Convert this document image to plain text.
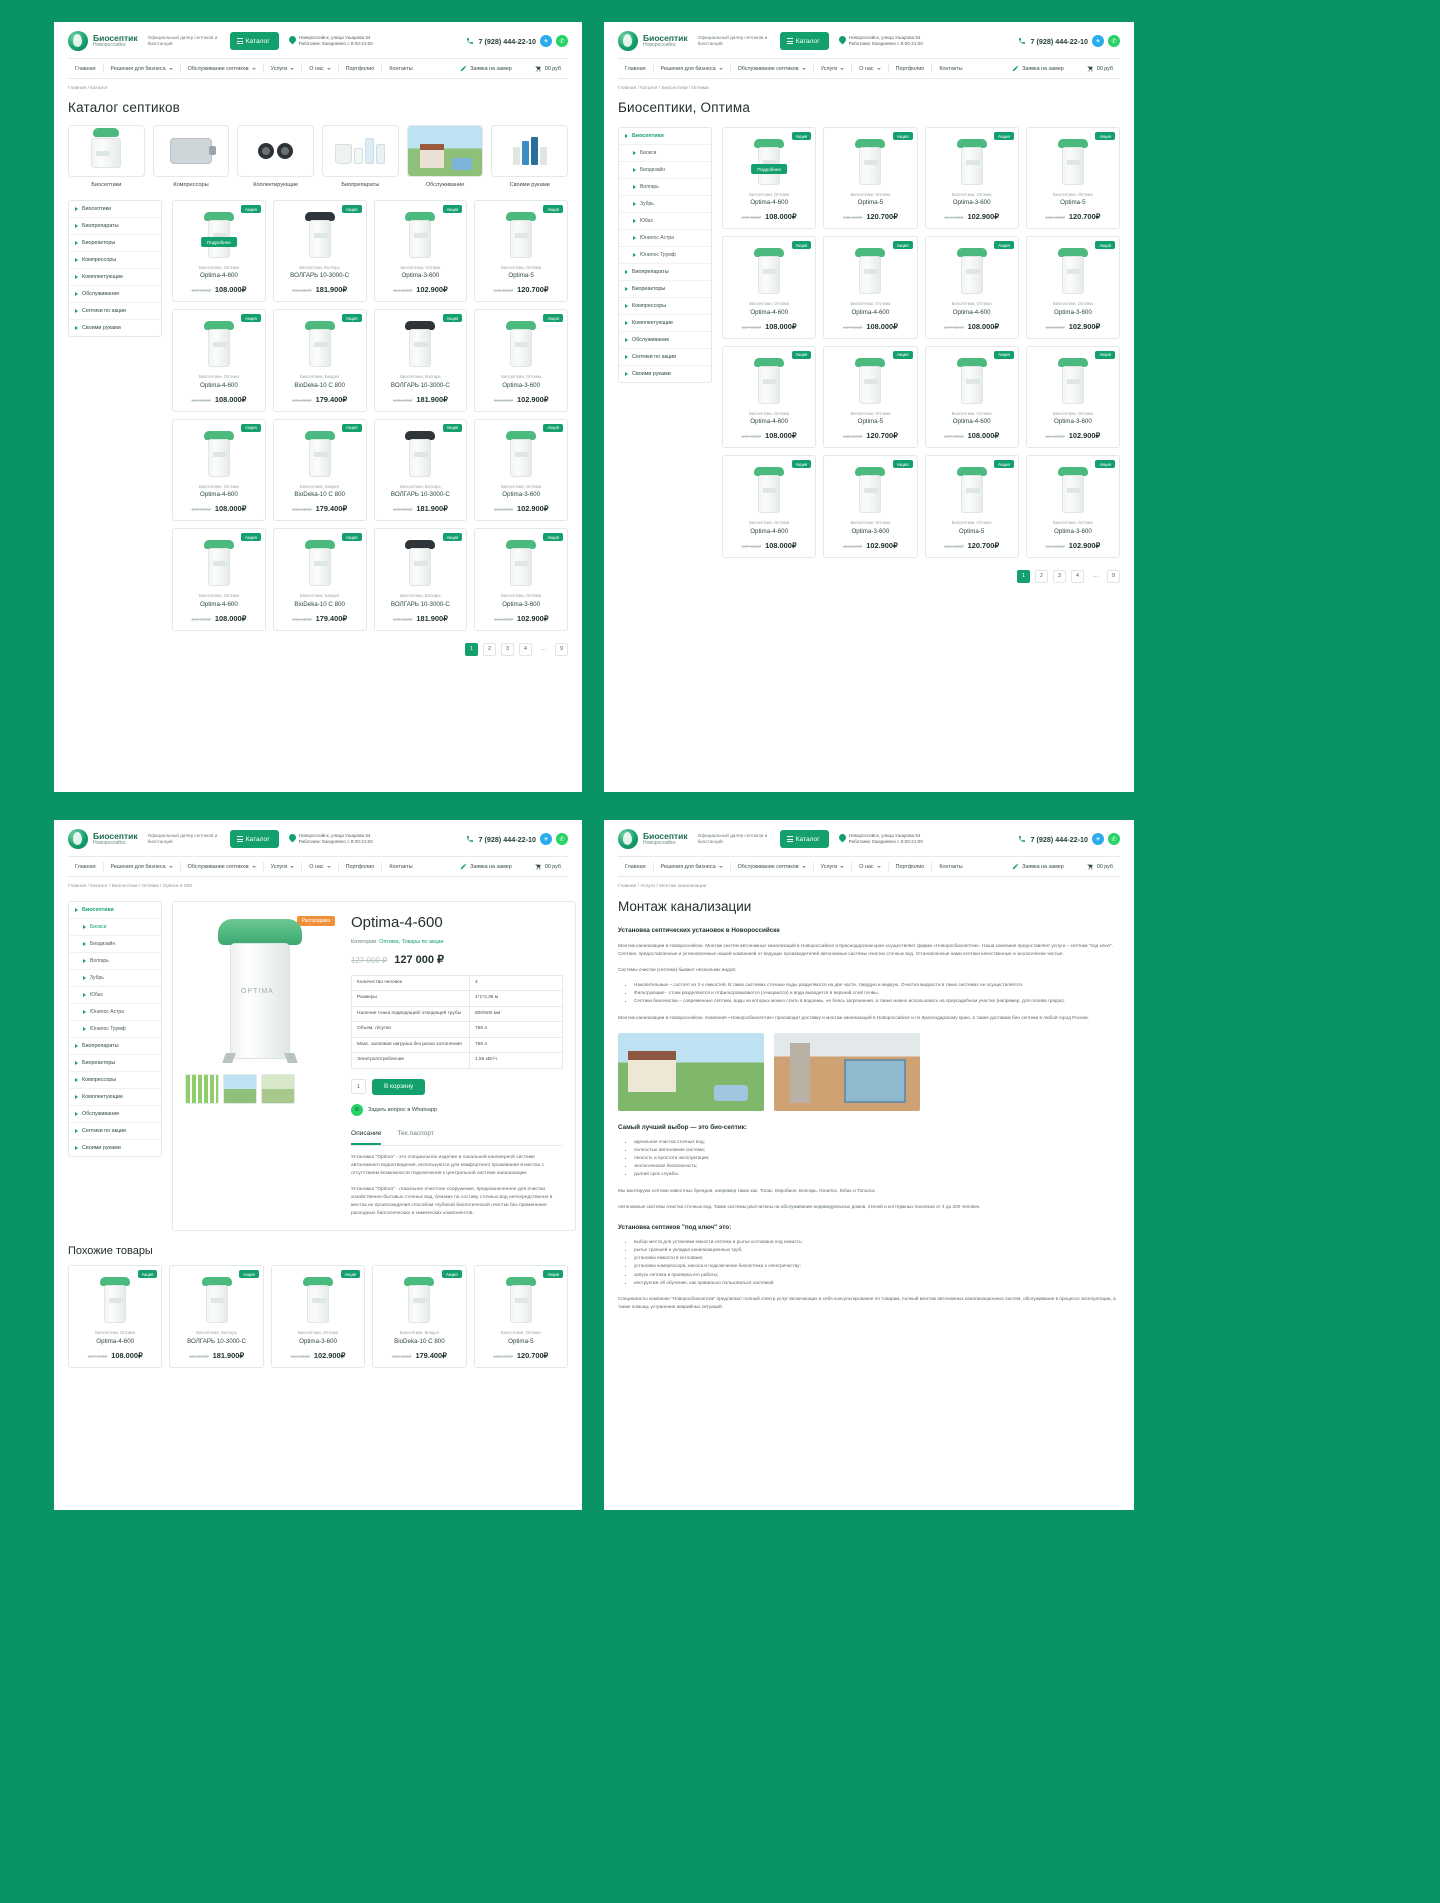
Биосептик
Новороссийск
Официальный дилер септиков и биостанций	Каталог
Новороссийск, улица Ушарова 54
Работаем: Ежедневно с 8:00-21:00	7 (928) 444-22-10	✈	✆
Главная	Решения для бизнеса	Обслуживание септиков	Услуги	О нас	Портфолио	Контакты	Заявка на замер	00 руб
Главная / Каталог
Каталог септиков
Биосептики	Компрессоры	Коллектирующие	Биопрепараты	Обслуживание	Своими руками
Биосептики
Биопрепараты
Биореакторы
Компрессоры
Комплектующие
Обслуживание
Септики по акции
Своими руками
Акция
Подробнее
Биосептики, Оптима
Optima-4-600
127 000₽ 108.000₽
Акция
Биосептики, Волгарь
ВОЛГАРЬ 10-3000-С
199.900₽ 181.900₽
Акция
Биосептики, Оптима
Optima-3-600
114.900₽ 102.900₽
Акция
Биосептики, Оптима
Optima-5
132.900₽ 120.700₽
Акция
Биосептики, Оптима
Optima-4-600
127 000₽ 108.000₽
Акция
Биосептики, Биодел
BioDeka-10 С 800
189.400₽ 179.400₽
Акция
Биосептики, Волгарь
ВОЛГАРЬ 10-3000-С
199.900₽ 181.900₽
Акция
Биосептики, Оптима
Optima-3-600
114.900₽ 102.900₽
Акция
Биосептики, Оптима
Optima-4-600
127 000₽ 108.000₽
Акция
Биосептики, Биодел
BioDeka-10 С 800
189.400₽ 179.400₽
Акция
Биосептики, Волгарь
ВОЛГАРЬ 10-3000-С
199.900₽ 181.900₽
Акция
Биосептики, Оптима
Optima-3-600
114.900₽ 102.900₽
Акция
Биосептики, Оптима
Optima-4-600
127 000₽ 108.000₽
Акция
Биосептики, Биодел
BioDeka-10 С 800
189.400₽ 179.400₽
Акция
Биосептики, Волгарь
ВОЛГАРЬ 10-3000-С
199.900₽ 181.900₽
Акция
Биосептики, Оптима
Optima-3-600
114.900₽ 102.900₽
1	2	3	4	…	9
Биосептик
Новороссийск
Официальный дилер септиков и биостанций	Каталог
Новороссийск, улица Ушарова 54
Работаем: Ежедневно с 8:00-21:00	7 (928) 444-22-10	✈	✆
Главная	Решения для бизнеса	Обслуживание септиков	Услуги	О нас	Портфолио	Контакты	Заявка на замер	00 руб
Главная / Каталог / Биосептики / Оптима
Биосептики, Оптима
Биосептики
Биокси
Биодизайн
Волгарь
Зубрь
Юбас
Юнилос Астра
Юнилос Трумф
Биопрепараты
Биореакторы
Компрессоры
Комплектующие
Обслуживание
Септики по акции
Своими руками
Акция
Подробнее
Биосептики, Оптима
Optima-4-600
127 000₽ 108.000₽
Акция
Биосептики, Оптима
Optima-5
132.900₽ 120.700₽
Акция
Биосептики, Оптима
Optima-3-600
114.900₽ 102.900₽
Акция
Биосептики, Оптима
Optima-5
132.900₽ 120.700₽
Акция
Биосептики, Оптима
Optima-4-600
127 000₽ 108.000₽
Акция
Биосептики, Оптима
Optima-4-600
127 000₽ 108.000₽
Акция
Биосептики, Оптима
Optima-4-600
127 000₽ 108.000₽
Акция
Биосептики, Оптима
Optima-3-600
114.900₽ 102.900₽
Акция
Биосептики, Оптима
Optima-4-600
127 000₽ 108.000₽
Акция
Биосептики, Оптима
Optima-5
132.900₽ 120.700₽
Акция
Биосептики, Оптима
Optima-4-600
127 000₽ 108.000₽
Акция
Биосептики, Оптима
Optima-3-600
114.900₽ 102.900₽
Акция
Биосептики, Оптима
Optima-4-600
127 000₽ 108.000₽
Акция
Биосептики, Оптима
Optima-3-600
114.900₽ 102.900₽
Акция
Биосептики, Оптима
Optima-5
132.900₽ 120.700₽
Акция
Биосептики, Оптима
Optima-3-600
114.900₽ 102.900₽
1	2	3	4	…	9
Биосептик
Новороссийск
Официальный дилер септиков и биостанций	Каталог
Новороссийск, улица Ушарова 54
Работаем: Ежедневно с 8:00-21:00	7 (928) 444-22-10	✈	✆
Главная	Решения для бизнеса	Обслуживание септиков	Услуги	О нас	Портфолио	Контакты	Заявка на замер	00 руб
Главная / Каталог / Биосептики / Оптима / Optima-4-600
Биосептики
Биокси
Биодизайн
Волгарь
Зубрь
Юбас
Юнилос Астра
Юнилос Трумф
Биопрепараты
Биореакторы
Компрессоры
Комплектующие
Обслуживание
Септики по акции
Своими руками
Распродажа
OPTIMA	Optima-4-600
Категории: Оптима, Товары по акции
127 000 ₽ 127 000 ₽
Количество человек	4
Размеры	1*1*2,36 м
Наличие тонка подводящей/ отводящей трубы	600/500 мм
Объем, л/сутки	768 л
Макс. залповая нагрузка без риска затопления	768 л
Электропотребление	1,56 кВт/ч
1	В корзину
✆	Задать вопрос в Whatsapp
Описание Тех.паспорт

Установка "Optima" - это специальное изделие в локальной канонерной системе автономного водоотведения, используются для комфортного проживания в местах с отсутствием возможности подключения к центральной системе канализации.

Установка "Optima" - локальное очистное сооружение, предназначенное для очистки хозяйственно-бытовых сточных вод, близких по составу сточных вод непосредственно в местах их происхождения способом глубокой биологической очистки без применения расходных биологических и химических компонентов.

Похожие товары
Акция
Биосептики, Оптима
Optima-4-600
127 000₽ 108.000₽
Акция
Биосептики, Волгарь
ВОЛГАРЬ 10-3000-С
199.900₽ 181.900₽
Акция
Биосептики, Оптима
Optima-3-600
114.900₽ 102.900₽
Акция
Биосептики, Биодел
BioDeka-10 С 800
189.400₽ 179.400₽
Акция
Биосептики, Оптима
Optima-5
132.900₽ 120.700₽
Биосептик
Новороссийск
Официальный дилер септиков и биостанций	Каталог
Новороссийск, улица Ушарова 54
Работаем: Ежедневно с 8:00-21:00	7 (928) 444-22-10	✈	✆
Главная	Решения для бизнеса	Обслуживание септиков	Услуги	О нас	Портфолио	Контакты	Заявка на замер	00 руб
Главная / Услуги / Монтаж канализации
Монтаж канализации
Установка септических установок в Новороссийске

Монтаж канализации в Новороссийске. Монтаж систем автономных канализаций в Новороссийске и Краснодарском крае осуществляет фирма «Новоросбиосептик». Наша компания предоставляет услуги – септики "под ключ". Септики, предоставленные и установленные нашей компанией от ведущих производителей автономные системы очистки сточных вод. Установленные нами септики качественные и экологически чистые.

Системы очистки (септики) бывают нескольких видов:

• Накопительные – состоят из 2-х емкостей. В таких системах сточные воды разделяются на две части, твердую и жидкую. Очистка жидкости в таких системах не осуществляется.
• Фильтрующие - стоки разделяются и отфильтровываются (очищаются) и вода выводится в верхний слой почвы.
• Септики биоочистки – современные септики, воды из которых можно слить в водоемы, не боясь загрязнения, а также можно использовать на приусадебном участке (например, для полива грядок).

Монтаж канализации в Новороссийске. Компания «Новоросбиосептик» производит доставку и монтаж канализаций в Новороссийске и по Краснодарскому краю, а также доставим био септики в любой город России.

Самый лучший выбор — это био-септик:
• идеальная очистка сточных вод;
• полностью автономная система;
• легкость и простота эксплуатации;
• экологическая безопасность;
• долгий срок службы.

Мы монтируем септики известных брендов, например таких как, Топас, Евробион, Волгарь, Юнилос, Юбас и Тополос.

Автономные системы очистки сточных вод. Такие системы рассчитаны на обслуживание индивидуальных домов, отелей и коттеджных поселков от 4 до 200 человек.

Установка септиков "под ключ" это:
• выбор места для установки емкости септика и рытье котлована под емкость;
• рытье траншей и укладка канализационных труб;
• установка емкости в котловане;
• установка компрессора, насоса и подключение биосептика к электричеству;
• запуск септика и проверка его работы;
• инструктаж об обучение, как правильно пользоваться системой.

Специалисты компании "Новоросбиосептик" предлагают полный спектр услуг включающих в себя консультирование по товарам, полный монтаж автономных канализационных систем, обслуживание в процессе эксплуатации, а также помощь устранения аварийных ситуаций.
